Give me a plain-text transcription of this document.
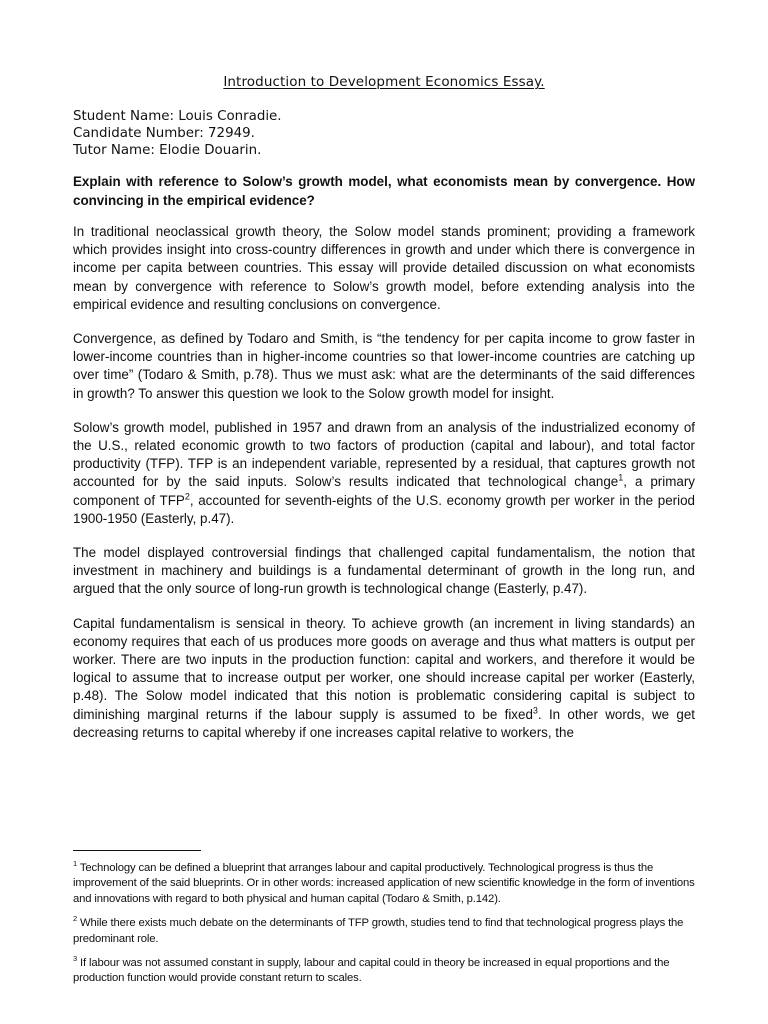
Introduction to Development Economics Essay.
Student Name: Louis Conradie.
Candidate Number: 72949.
Tutor Name: Elodie Douarin.
Explain with reference to Solow’s growth model, what economists mean by convergence. How convincing in the empirical evidence?

In traditional neoclassical growth theory, the Solow model stands prominent; providing a framework which provides insight into cross-country differences in growth and under which there is convergence in income per capita between countries. This essay will provide detailed discussion on what economists mean by convergence with reference to Solow’s growth model, before extending analysis into the empirical evidence and resulting conclusions on convergence.

Convergence, as defined by Todaro and Smith, is “the tendency for per capita income to grow faster in lower-income countries than in higher-income countries so that lower-income countries are catching up over time” (Todaro & Smith, p.78). Thus we must ask: what are the determinants of the said differences in growth? To answer this question we look to the Solow growth model for insight.

Solow’s growth model, published in 1957 and drawn from an analysis of the industrialized economy of the U.S., related economic growth to two factors of production (capital and labour), and total factor productivity (TFP). TFP is an independent variable, represented by a residual, that captures growth not accounted for by the said inputs. Solow’s results indicated that technological change$^1$, a primary component of TFP$^2$, accounted for seventh-eights of the U.S. economy growth per worker in the period 1900-1950 (Easterly, p.47).

The model displayed controversial findings that challenged capital fundamentalism, the notion that investment in machinery and buildings is a fundamental determinant of growth in the long run, and argued that the only source of long-run growth is technological change (Easterly, p.47).

Capital fundamentalism is sensical in theory. To achieve growth (an increment in living standards) an economy requires that each of us produces more goods on average and thus what matters is output per worker. There are two inputs in the production function: capital and workers, and therefore it would be logical to assume that to increase output per worker, one should increase capital per worker (Easterly, p.48). The Solow model indicated that this notion is problematic considering capital is subject to diminishing marginal returns if the labour supply is assumed to be fixed$^3$. In other words, we get decreasing returns to capital whereby if one increases capital relative to workers, the

$^1$ Technology can be defined a blueprint that arranges labour and capital productively. Technological progress is thus the improvement of the said blueprints. Or in other words: increased application of new scientific knowledge in the form of inventions and innovations with regard to both physical and human capital (Todaro & Smith, p.142).

$^2$ While there exists much debate on the determinants of TFP growth, studies tend to find that technological progress plays the predominant role.

$^3$ If labour was not assumed constant in supply, labour and capital could in theory be increased in equal proportions and the production function would provide constant return to scales.
